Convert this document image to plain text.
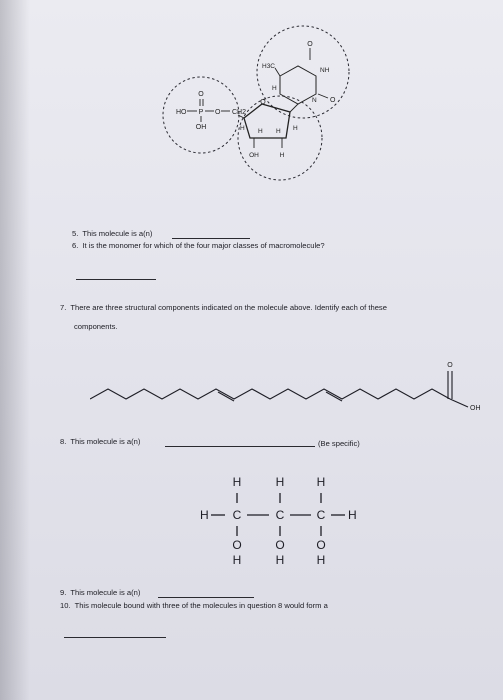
O
HO P O
OH
CH2
O
H H H H
OH	H
H3C
O
NH
N O
H
5. This molecule is a(n)
6. It is the monomer for which of the four major classes of macromolecule?
7. There are three structural components indicated on the molecule above. Identify each of these
components.
O
OH
8. This molecule is a(n)	(Be specific)
H	H	H
H C	C	C H
O	O	O
H	H	H
9. This molecule is a(n)
10. This molecule bound with three of the molecules in question 8 would form a
